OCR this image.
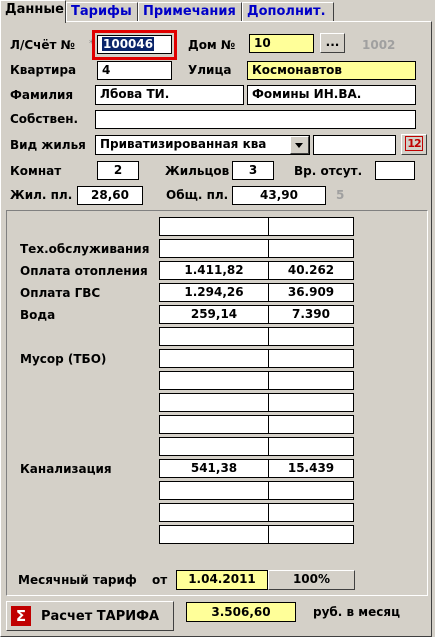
Данные Тарифы Примечания Дополнит.
Л/Счёт № * 100046	Дом №	10	...	1002
Квартира	4	Улица	Космонавтов
Фамилия	Лбова ТИ.	Фомины ИН.ВА.
Собствен.
Вид жилья	Приватизированная ква	12
Комнат	2	Жильцов	3	Вр. отсут.
Жил. пл.	28,60	Общ. пл.	43,90	5
Тех.обслуживания
Оплата отопления	1.411,82	40.262
Оплата ГВС	1.294,26	36.909
Вода	259,14	7.390
Мусор (ТБО)
Канализация	541,38	15.439
Месячный тариф от	1.04.2011	100%
Σ	Расчет ТАРИФА	3.506,60	руб. в месяц
